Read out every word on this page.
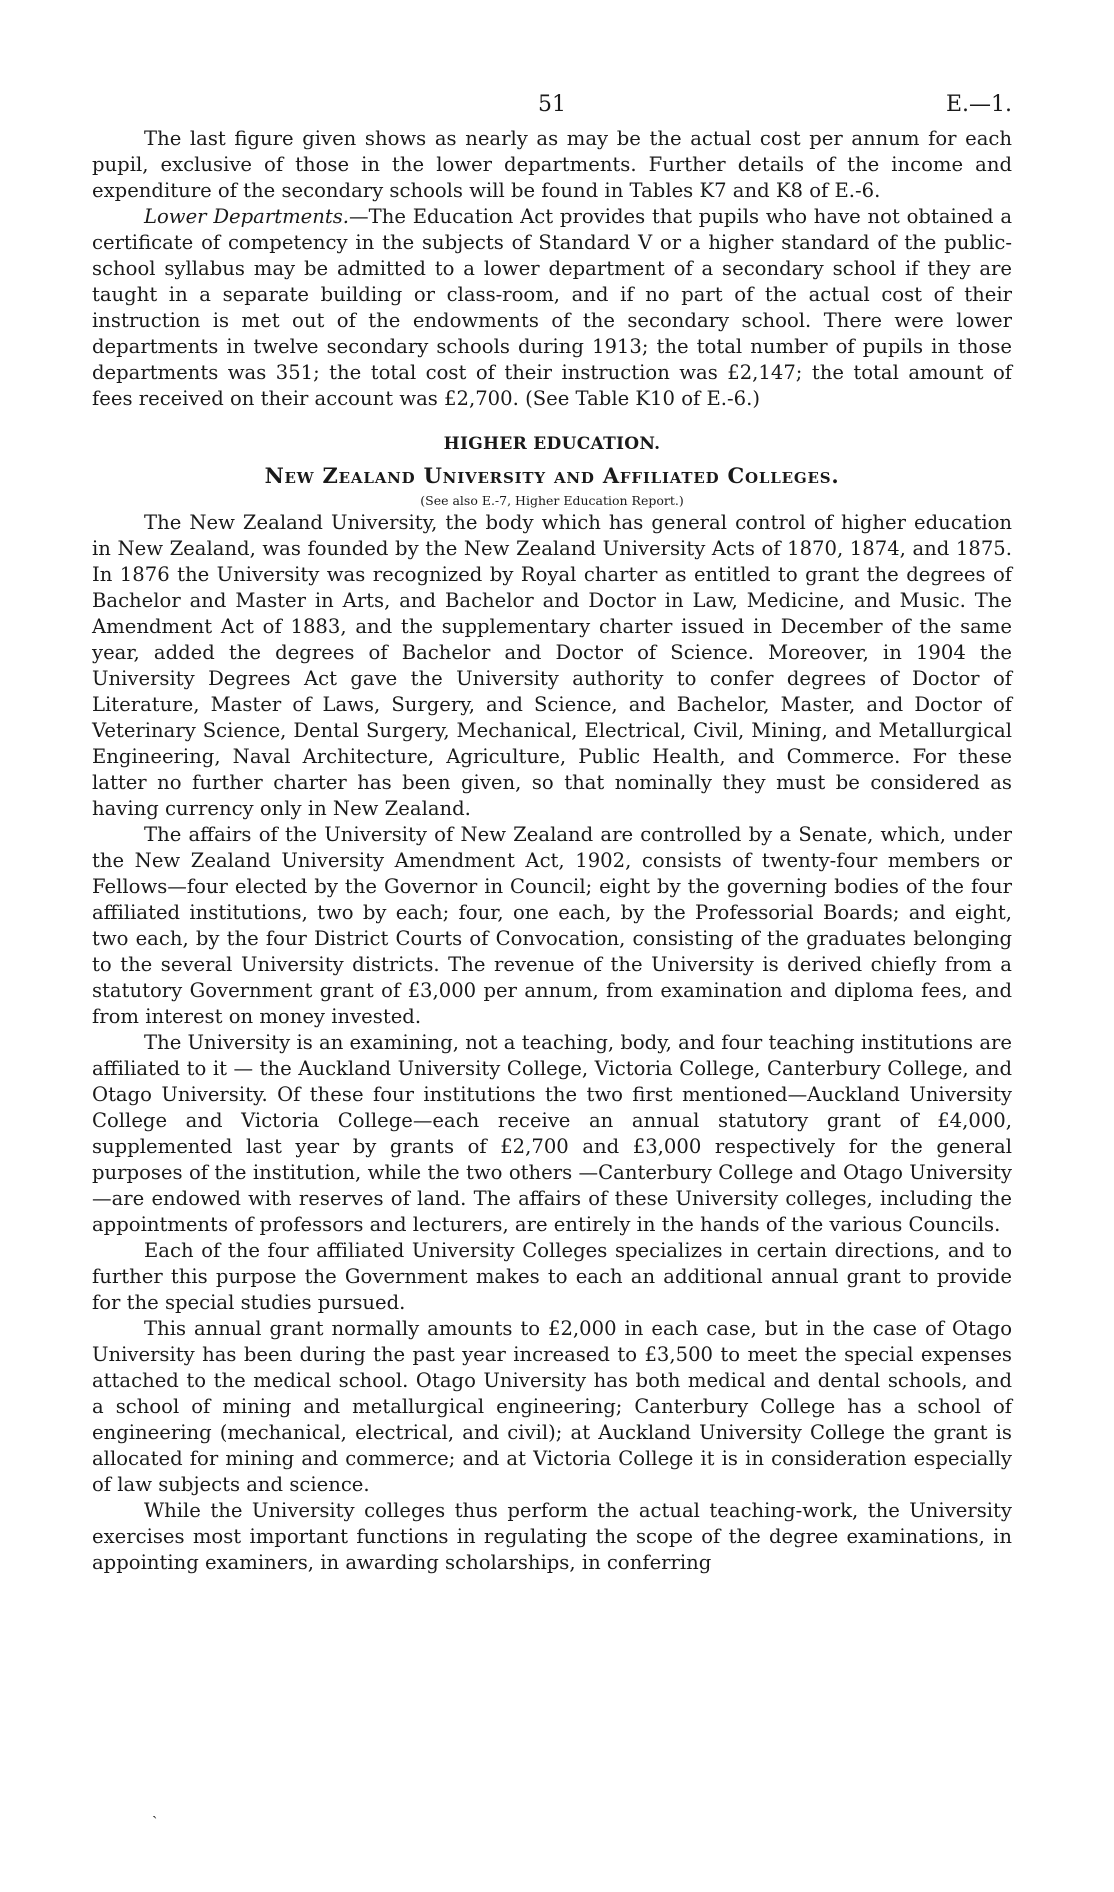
51	E.—1.

The last figure given shows as nearly as may be the actual cost per annum for each pupil, exclusive of those in the lower departments. Further details of the income and expenditure of the secondary schools will be found in Tables K7 and K8 of E.-6.

Lower Departments.—The Education Act provides that pupils who have not obtained a certificate of competency in the subjects of Standard V or a higher standard of the public-school syllabus may be admitted to a lower department of a secondary school if they are taught in a separate building or class-room, and if no part of the actual cost of their instruction is met out of the endowments of the secondary school. There were lower departments in twelve secondary schools during 1913; the total number of pupils in those departments was 351; the total cost of their instruction was £2,147; the total amount of fees received on their account was £2,700. (See Table K10 of E.-6.)

HIGHER EDUCATION.
New Zealand University and Affiliated Colleges.

(See also E.-7, Higher Education Report.)

The New Zealand University, the body which has general control of higher education in New Zealand, was founded by the New Zealand University Acts of 1870, 1874, and 1875. In 1876 the University was recognized by Royal charter as entitled to grant the degrees of Bachelor and Master in Arts, and Bachelor and Doctor in Law, Medicine, and Music. The Amendment Act of 1883, and the supplementary charter issued in December of the same year, added the degrees of Bachelor and Doctor of Science. Moreover, in 1904 the University Degrees Act gave the University authority to confer degrees of Doctor of Literature, Master of Laws, Surgery, and Science, and Bachelor, Master, and Doctor of Veterinary Science, Dental Surgery, Mechanical, Electrical, Civil, Mining, and Metallurgical Engineering, Naval Architecture, Agriculture, Public Health, and Commerce. For these latter no further charter has been given, so that nominally they must be considered as having currency only in New Zealand.

The affairs of the University of New Zealand are controlled by a Senate, which, under the New Zealand University Amendment Act, 1902, consists of twenty-four members or Fellows—four elected by the Governor in Council; eight by the governing bodies of the four affiliated institutions, two by each; four, one each, by the Professorial Boards; and eight, two each, by the four District Courts of Convocation, consisting of the graduates belonging to the several University districts. The revenue of the University is derived chiefly from a statutory Government grant of £3,000 per annum, from examination and diploma fees, and from interest on money invested.

The University is an examining, not a teaching, body, and four teaching institutions are affiliated to it — the Auckland University College, Victoria College, Canterbury College, and Otago University. Of these four institutions the two first mentioned—Auckland University College and Victoria College—each receive an annual statutory grant of £4,000, supplemented last year by grants of £2,700 and £3,000 respectively for the general purposes of the institution, while the two others —Canterbury College and Otago University—are endowed with reserves of land. The affairs of these University colleges, including the appointments of professors and lecturers, are entirely in the hands of the various Councils.

Each of the four affiliated University Colleges specializes in certain directions, and to further this purpose the Government makes to each an additional annual grant to provide for the special studies pursued.

This annual grant normally amounts to £2,000 in each case, but in the case of Otago University has been during the past year increased to £3,500 to meet the special expenses attached to the medical school. Otago University has both medical and dental schools, and a school of mining and metallurgical engineering; Canterbury College has a school of engineering (mechanical, electrical, and civil); at Auckland University College the grant is allocated for mining and commerce; and at Victoria College it is in consideration especially of law subjects and science.

While the University colleges thus perform the actual teaching-work, the University exercises most important functions in regulating the scope of the degree examinations, in appointing examiners, in awarding scholarships, in conferring

ˎ
